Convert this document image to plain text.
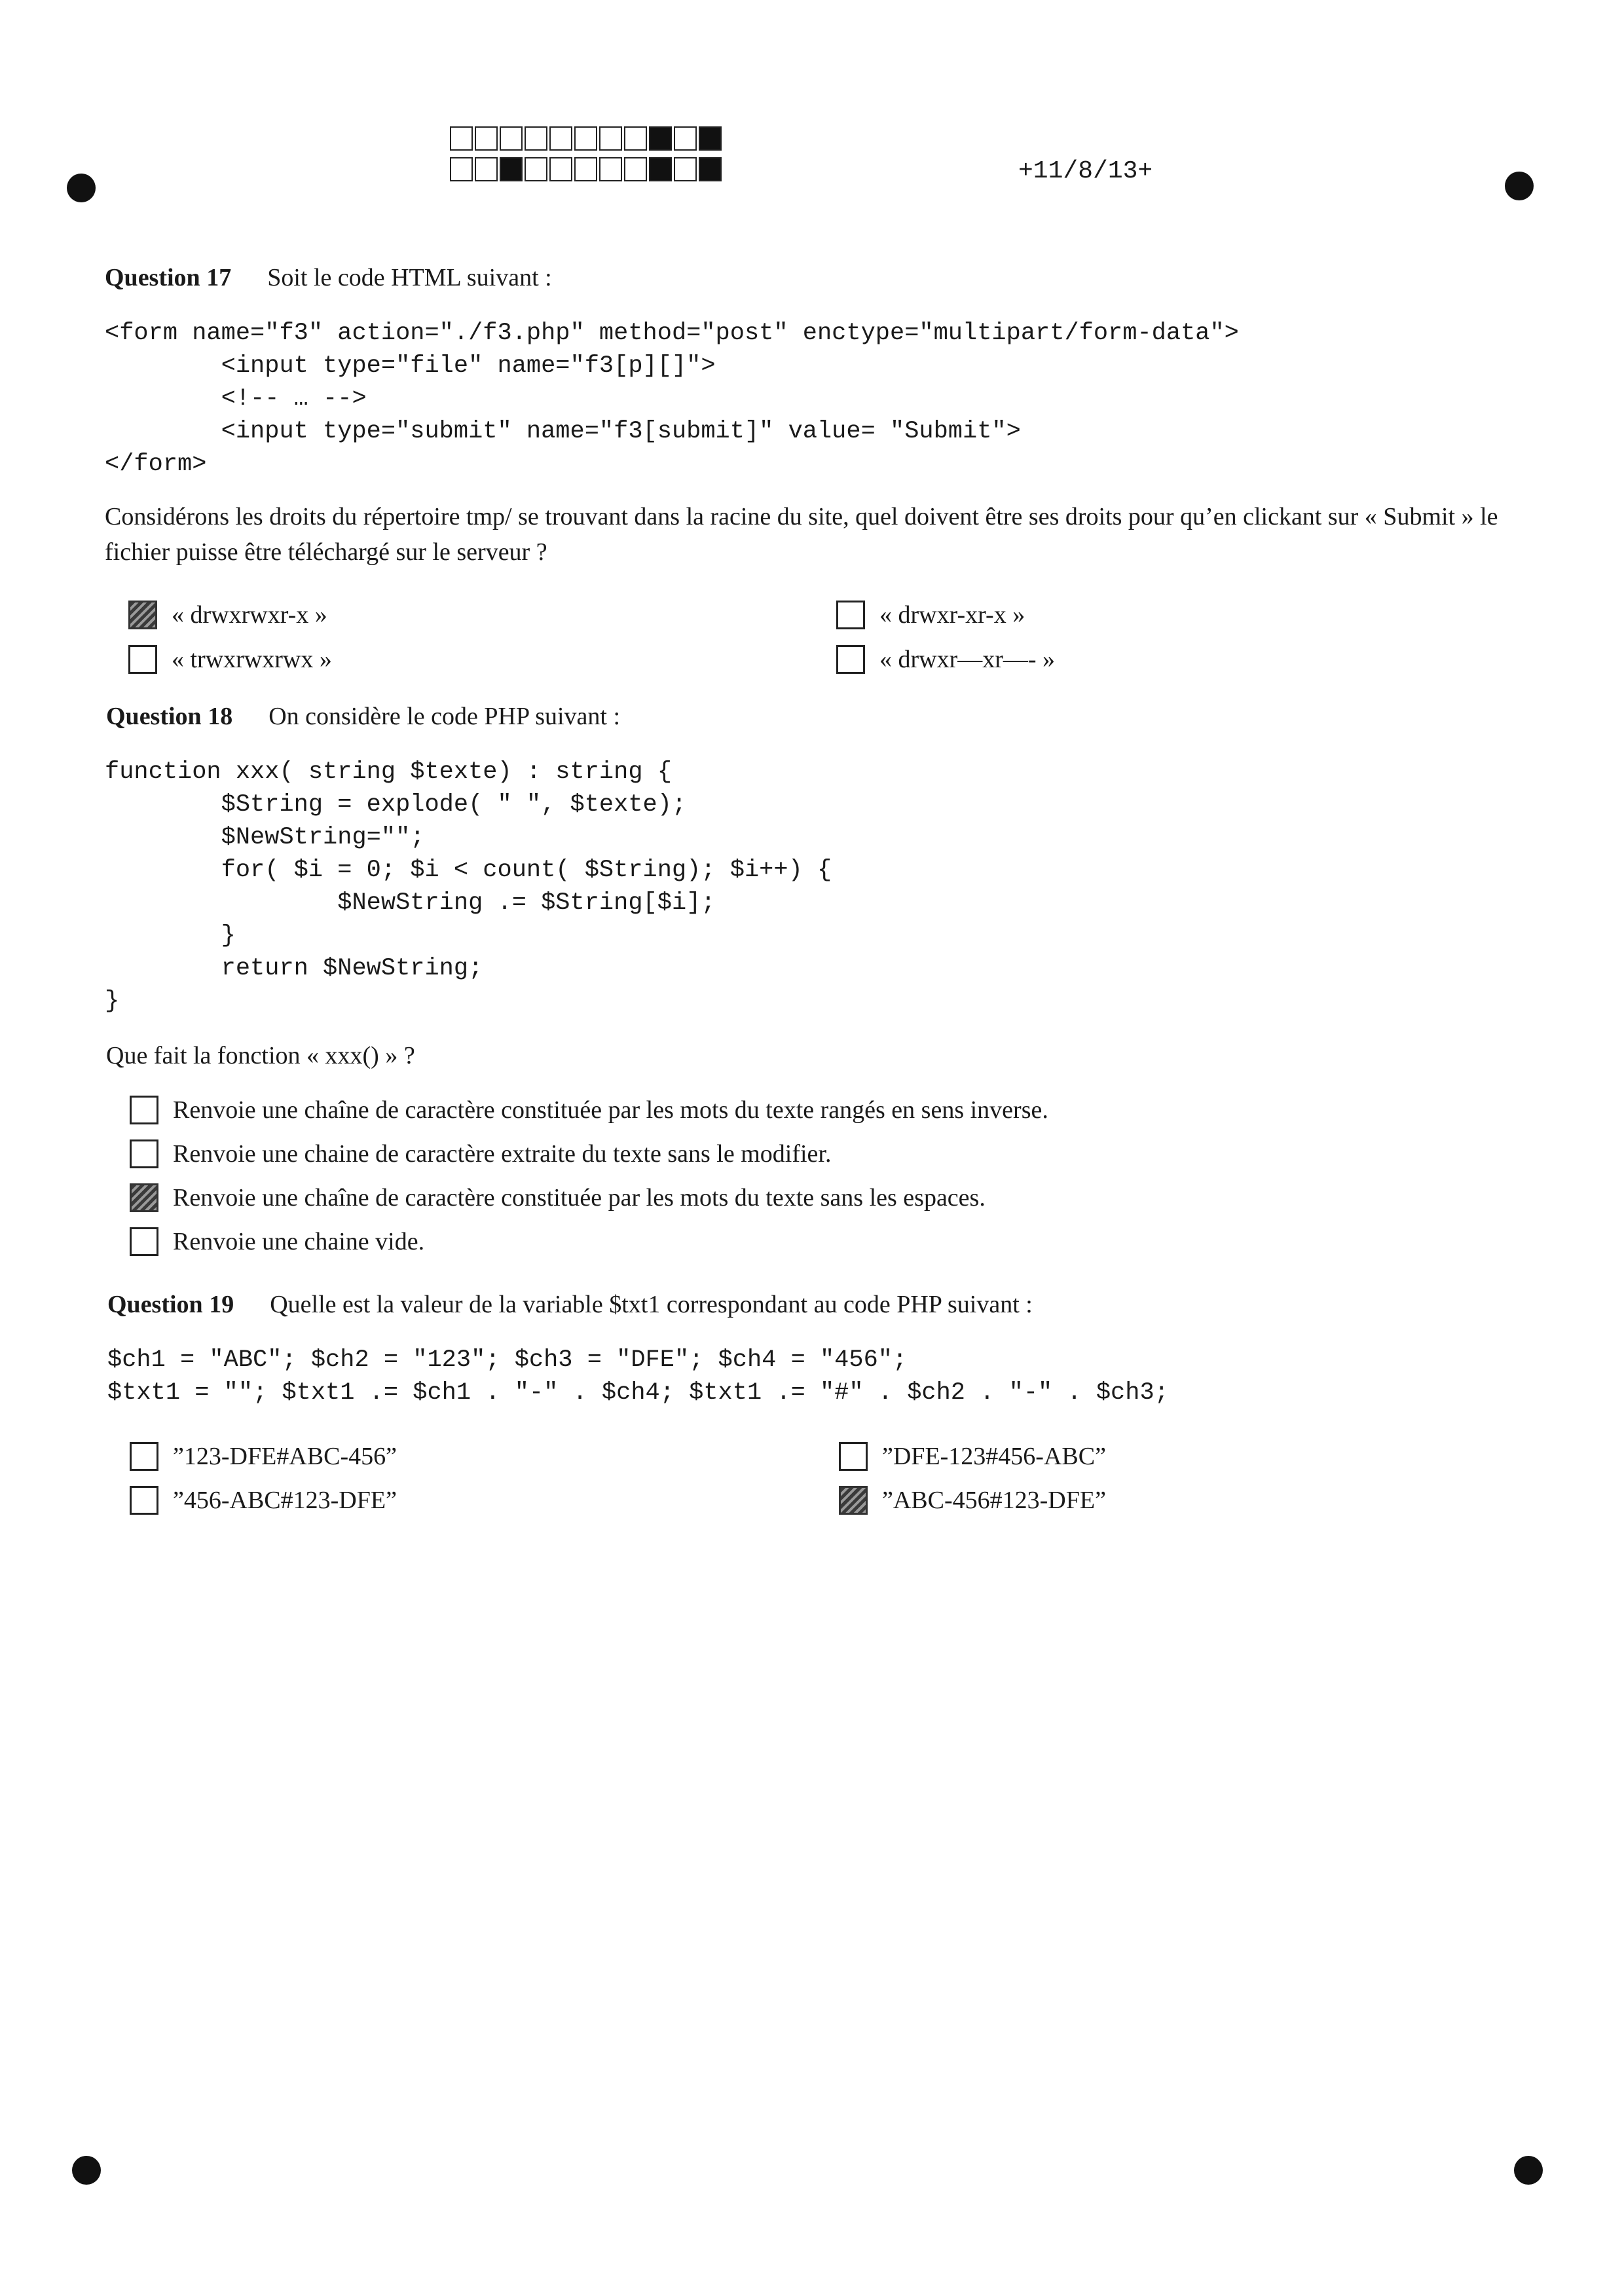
+11/8/13+
Question 17 Soit le code HTML suivant :
<form name="f3" action="./f3.php" method="post" enctype="multipart/form-data">
<input type="file" name="f3[p][]">
<!-- … -->
<input type="submit" name="f3[submit]" value= "Submit">
</form>
Considérons les droits du répertoire tmp/ se trouvant dans la racine du site, quel doivent être ses droits pour qu’en clickant sur « Submit » le fichier puisse être téléchargé sur le serveur ?
« drwxrwxr-x »	« drwxr-xr-x »
« trwxrwxrwx »	« drwxr—xr—- »
Question 18 On considère le code PHP suivant :
function xxx( string $texte) : string {
$String = explode( " ", $texte);
$NewString="";
for( $i = 0; $i < count( $String); $i++) {
$NewString .= $String[$i];
}
return $NewString;
}
Que fait la fonction « xxx() » ?
Renvoie une chaîne de caractère constituée par les mots du texte rangés en sens inverse.
Renvoie une chaine de caractère extraite du texte sans le modifier.
Renvoie une chaîne de caractère constituée par les mots du texte sans les espaces.
Renvoie une chaine vide.
Question 19 Quelle est la valeur de la variable $txt1 correspondant au code PHP suivant :
$ch1 = "ABC"; $ch2 = "123"; $ch3 = "DFE"; $ch4 = "456";
$txt1 = ""; $txt1 .= $ch1 . "-" . $ch4; $txt1 .= "#" . $ch2 . "-" . $ch3;
”123-DFE#ABC-456”	”DFE-123#456-ABC”
”456-ABC#123-DFE”	”ABC-456#123-DFE”
